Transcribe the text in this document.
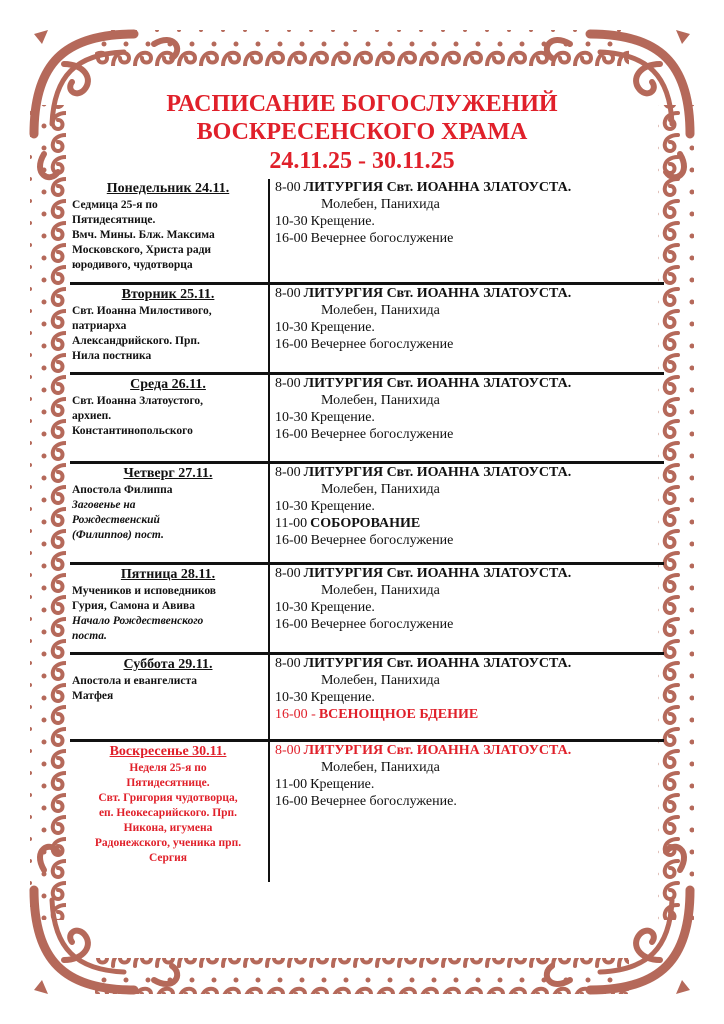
РАСПИСАНИЕ БОГОСЛУЖЕНИЙ
ВОСКРЕСЕНСКОГО ХРАМА
24.11.25 - 30.11.25
Понедельник 24.11.
Седмица 25-я по
Пятидесятнице.
Вмч. Мины. Блж. Максима
Московского, Христа ради
юродивого, чудотворца
8-00 ЛИТУРГИЯ Свт. ИОАННА ЗЛАТОУСТА.
Молебен, Панихида
10-30 Крещение.
16-00 Вечернее богослужение
Вторник 25.11.
Свт. Иоанна Милостивого,
патриарха
Александрийского. Прп.
Нила постника
8-00 ЛИТУРГИЯ Свт. ИОАННА ЗЛАТОУСТА.
Молебен, Панихида
10-30 Крещение.
16-00 Вечернее богослужение
Среда 26.11.
Свт. Иоанна Златоустого,
архиеп.
Константинопольского
8-00 ЛИТУРГИЯ Свт. ИОАННА ЗЛАТОУСТА.
Молебен, Панихида
10-30 Крещение.
16-00 Вечернее богослужение
Четверг 27.11.
Апостола Филиппа
Заговенье на
Рождественский
(Филиппов) пост.
8-00 ЛИТУРГИЯ Свт. ИОАННА ЗЛАТОУСТА.
Молебен, Панихида
10-30 Крещение.
11-00 СОБОРОВАНИЕ
16-00 Вечернее богослужение
Пятница 28.11.
Мучеников и исповедников
Гурия, Самона и Авива
Начало Рождественского
поста.
8-00 ЛИТУРГИЯ Свт. ИОАННА ЗЛАТОУСТА.
Молебен, Панихида
10-30 Крещение.
16-00 Вечернее богослужение
Суббота 29.11.
Апостола и евангелиста
Матфея
8-00 ЛИТУРГИЯ Свт. ИОАННА ЗЛАТОУСТА.
Молебен, Панихида
10-30 Крещение.
16-00 - ВСЕНОЩНОЕ БДЕНИЕ
Воскресенье 30.11.
Неделя 25-я по
Пятидесятнице.
Свт. Григория чудотворца,
еп. Неокесарийского. Прп.
Никона, игумена
Радонежского, ученика прп.
Сергия
8-00 ЛИТУРГИЯ Свт. ИОАННА ЗЛАТОУСТА.
Молебен, Панихида
11-00 Крещение.
16-00 Вечернее богослужение.
